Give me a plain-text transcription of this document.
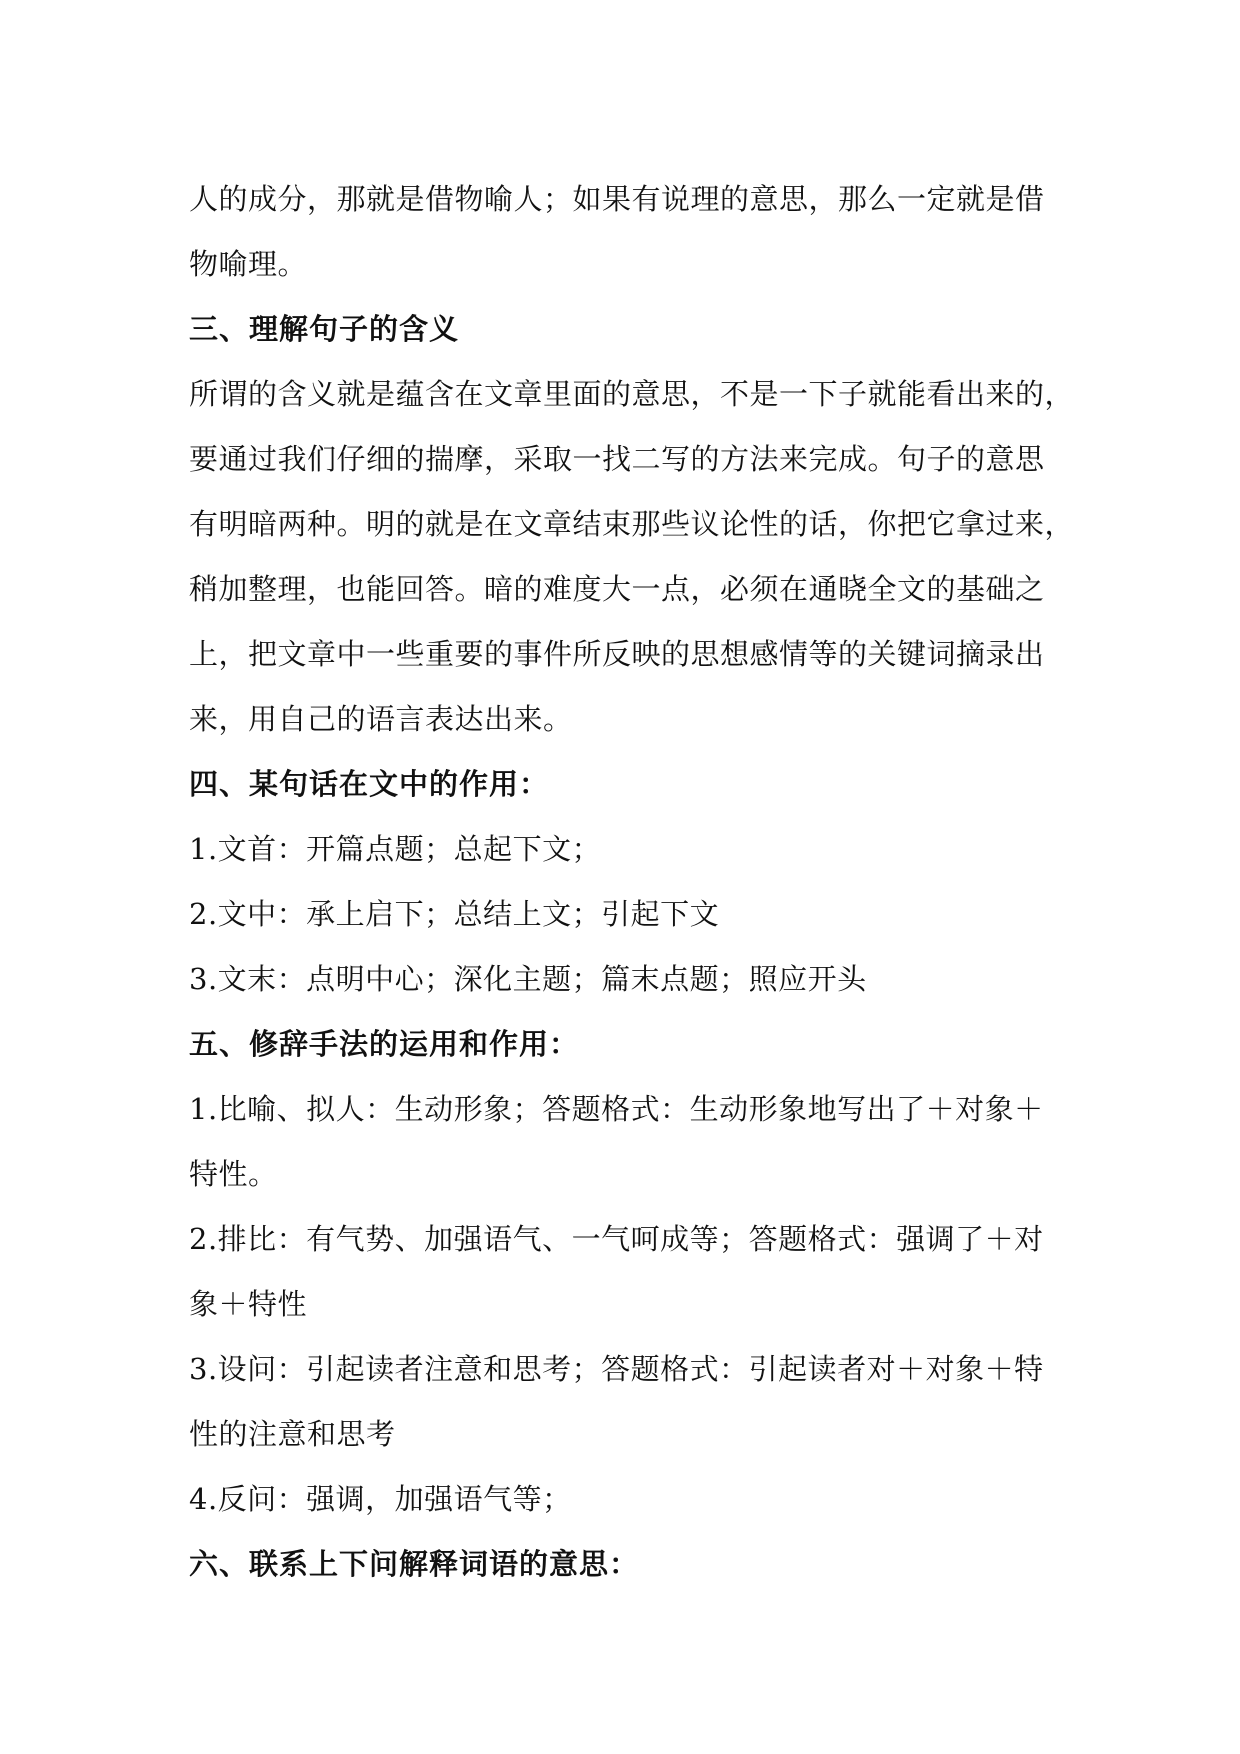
人的成分，那就是借物喻人；如果有说理的意思，那么一定就是借
物喻理。
三、理解句子的含义
所谓的含义就是蕴含在文章里面的意思，不是一下子就能看出来的，
要通过我们仔细的揣摩，采取一找二写的方法来完成。句子的意思
有明暗两种。明的就是在文章结束那些议论性的话，你把它拿过来，
稍加整理，也能回答。暗的难度大一点，必须在通晓全文的基础之
上，把文章中一些重要的事件所反映的思想感情等的关键词摘录出
来，用自己的语言表达出来。
四、某句话在文中的作用：
1.文首：开篇点题；总起下文；
2.文中：承上启下；总结上文；引起下文
3.文末：点明中心；深化主题；篇末点题；照应开头
五、修辞手法的运用和作用：
1.比喻、拟人：生动形象；答题格式：生动形象地写出了＋对象＋
特性。
2.排比：有气势、加强语气、一气呵成等；答题格式：强调了＋对
象＋特性
3.设问：引起读者注意和思考；答题格式：引起读者对＋对象＋特
性的注意和思考
4.反问：强调，加强语气等；
六、联系上下问解释词语的意思：
